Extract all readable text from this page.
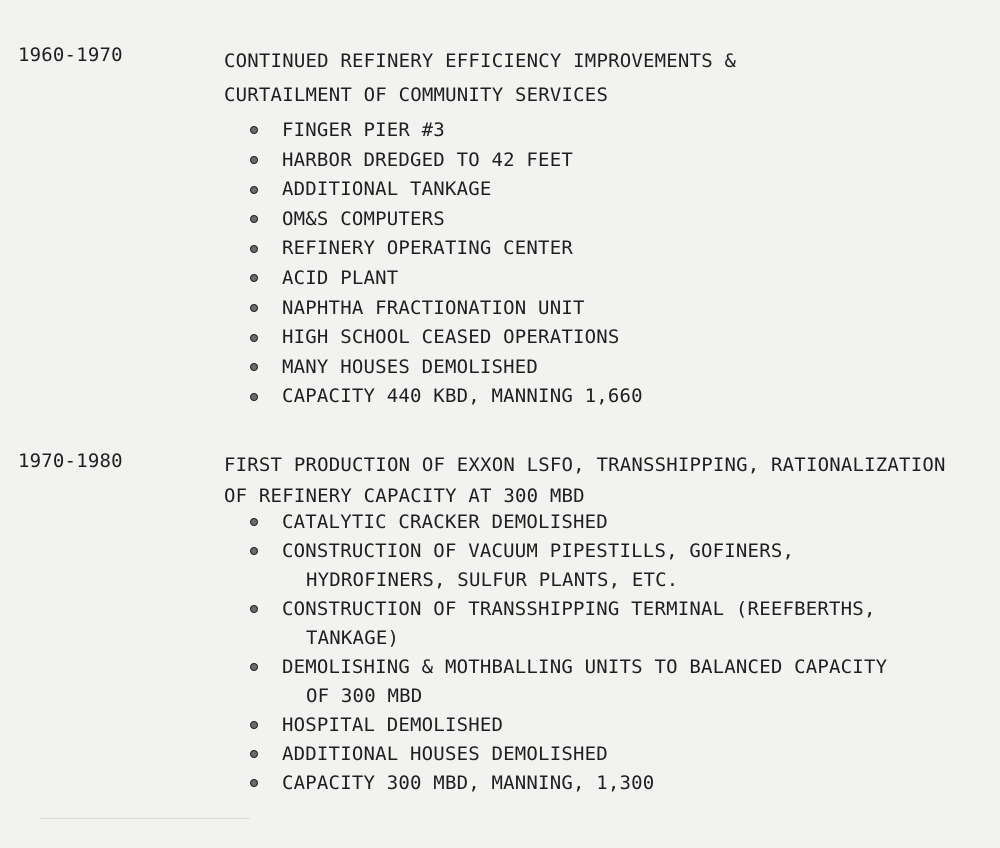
1960-1970	CONTINUED REFINERY EFFICIENCY IMPROVEMENTS &
CURTAILMENT OF COMMUNITY SERVICES
FINGER PIER #3
HARBOR DREDGED TO 42 FEET
ADDITIONAL TANKAGE
OM&S COMPUTERS
REFINERY OPERATING CENTER
ACID PLANT
NAPHTHA FRACTIONATION UNIT
HIGH SCHOOL CEASED OPERATIONS
MANY HOUSES DEMOLISHED
CAPACITY 440 KBD, MANNING 1,660
1970-1980	FIRST PRODUCTION OF EXXON LSFO, TRANSSHIPPING, RATIONALIZATION
OF REFINERY CAPACITY AT 300 MBD
CATALYTIC CRACKER DEMOLISHED
CONSTRUCTION OF VACUUM PIPESTILLS, GOFINERS,
HYDROFINERS, SULFUR PLANTS, ETC.
CONSTRUCTION OF TRANSSHIPPING TERMINAL (REEFBERTHS,
TANKAGE)
DEMOLISHING & MOTHBALLING UNITS TO BALANCED CAPACITY
OF 300 MBD
HOSPITAL DEMOLISHED
ADDITIONAL HOUSES DEMOLISHED
CAPACITY 300 MBD, MANNING, 1,300
